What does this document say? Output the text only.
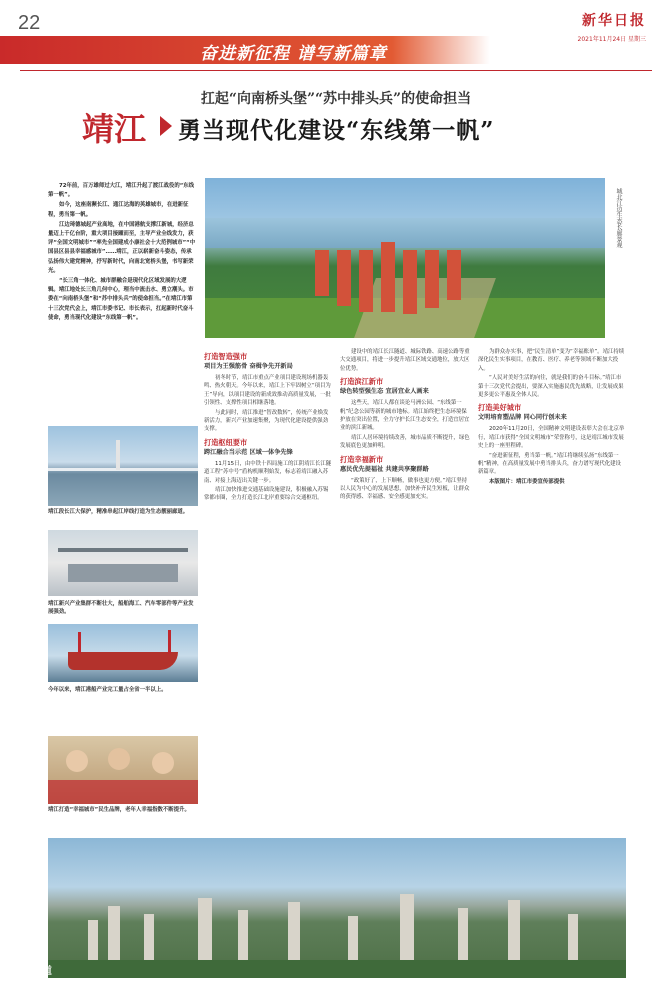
22
奋进新征程 谱写新篇章
新华日报
2021年11月24日 星期三
扛起“向南桥头堡”“苏中排头兵”的使命担当
靖江 勇当现代化建设“东线第一帆”

72年前，百万雄师过大江，靖江升起了渡江战役的“东线第一帆”。

如今，这座南濒长江、通江达海的英雄城市，在进新征程，勇当第一帆。

江边琦德城起产业高地，在中国港航支撑江新城，经济总量迈上千亿台阶，重大项目接踵而至，主导产业全线发力，获评“全国文明城市”“率先全国建成小康社会十大范例城市”“中国县区县县幸福感城市”……靖江，正以崭新奋斗姿态，传承弘扬伟大建党精神，抒写新时代，向南北宽桥头堡，书写新荣光。

“长三角一体化、城市群融合是现代化区域发展的大逻辑。靖江地处长三角几何中心，理当中流击水、勇立潮头。市委在“向南桥头堡”和“苏中排头兵”的使命担当。”在靖江市第十三次党代会上，靖江市委书记、市长表示，扛起新时代奋斗使命，勇当现代化建设“东线第一帆”。

城北江边生态长廊景观
靖江段长江大保护，精准串起江岸线打造为生态靓丽廊道。
靖江新兴产业集群不断壮大，船舶海工、汽车零部件等产业发展强劲。
今年以来，靖江港船产业完工量占全省一半以上。
靖江打造“幸福城市”民生品牌，老年人幸福指数不断提升。
打造智造强市
项目为王强筋骨 奋楫争先开新局

初冬时节，靖江市重点产业项目建设现场机器轰鸣、热火朝天。今年以来，靖江上下牢固树立“项目为王”导向，以项目建设的新成效推动高质量发展，一批引领性、支撑性项目相继落地。

与此同时，靖江推进“智改数转”，传统产业焕发新活力，新兴产业加速集聚，为现代化建设提供强劲支撑。

打造枢纽要市
跨江融合当示范 区域一体争先锋

11月15日，由中铁十四局施工的江阴靖江长江隧道工程“苏中号”盾构机顺利始发，标志着靖江融入苏南、对接上海迈出关键一步。

靖江加快推进交通基础设施建设，积极融入苏锡常都市圈，全力打造长江北岸重要综合交通枢纽。

建设中的靖江长江隧道、城际铁路、高速公路等重大交通项目，将进一步提升靖江区域交通地位，放大区位优势。

打造滨江新市
绿色转型强生态 宜居宜业人画来

这些天，靖江人都在谈论马洲公园、“东线第一帆”纪念公园等新的城市地标。靖江始终把生态环境保护放在突出位置，全力守护长江生态安全，打造宜居宜业的滨江新城。

靖江人居环境持续改善，城市品质不断提升，绿色发展底色更加鲜明。

打造幸福新市
惠民优先提福祉 共建共享聚群路

“政策好了，上下顺畅，做事也更方便。”靖江坚持以人民为中心的发展思想，加快补齐民生短板，让群众的获得感、幸福感、安全感更加充实。

为群众办实事，把“民生清单”变为“幸福账单”。靖江持续深化民生实事项目，在教育、医疗、养老等领域不断加大投入。

“人民对美好生活的向往，就是我们的奋斗目标。”靖江市第十三次党代会提出，要深入实施惠民优先战略，让发展成果更多更公平惠及全体人民。

打造美好城市
文明培育塑品牌 同心同行创未来

2020年11月20日，全国精神文明建设表彰大会在北京举行，靖江市获得“全国文明城市”荣誉称号，这是靖江城市发展史上的一座里程碑。

“奋进新征程，勇当第一帆。”靖江将继续弘扬“东线第一帆”精神，在高质量发展中勇当排头兵，奋力谱写现代化建设新篇章。

本版图片：靖江市委宣传部提供

大视频道
